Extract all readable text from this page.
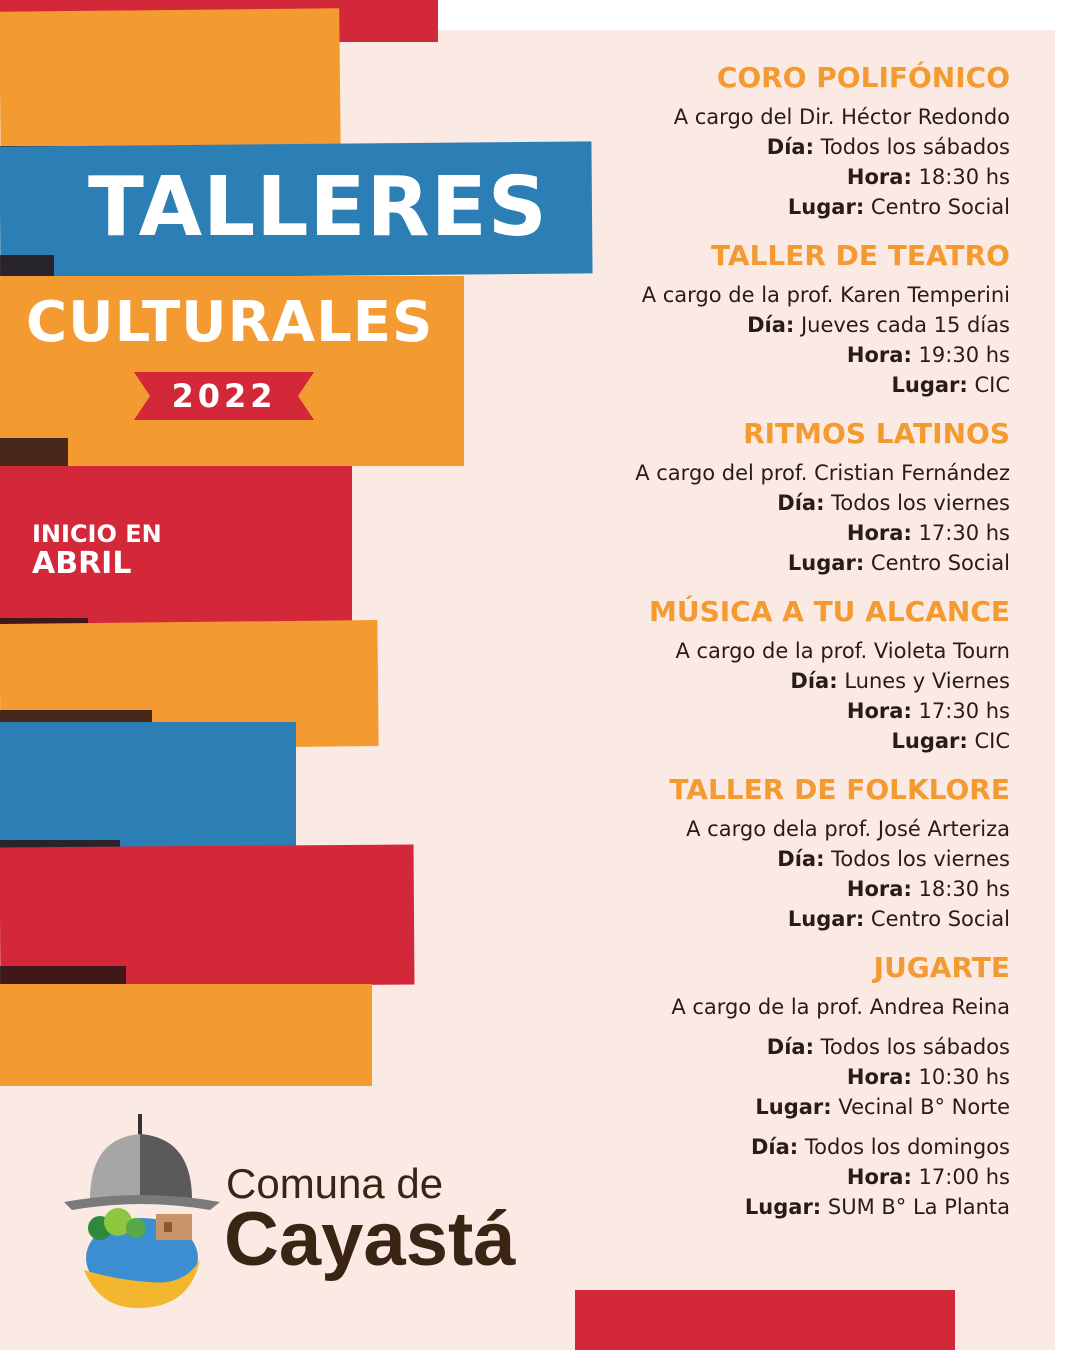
TALLERES
CULTURALES
2022
INICIO EN
ABRIL
CORO POLIFÓNICO
A cargo del Dir. Héctor Redondo
Día: Todos los sábados
Hora: 18:30 hs
Lugar: Centro Social
TALLER DE TEATRO
A cargo de la prof. Karen Temperini
Día: Jueves cada 15 días
Hora: 19:30 hs
Lugar: CIC
RITMOS LATINOS
A cargo del prof. Cristian Fernández
Día: Todos los viernes
Hora: 17:30 hs
Lugar: Centro Social
MÚSICA A TU ALCANCE
A cargo de la prof. Violeta Tourn
Día: Lunes y Viernes
Hora: 17:30 hs
Lugar: CIC
TALLER DE FOLKLORE
A cargo dela prof. José Arteriza
Día: Todos los viernes
Hora: 18:30 hs
Lugar: Centro Social
JUGARTE
A cargo de la prof. Andrea Reina
Día: Todos los sábados
Hora: 10:30 hs
Lugar: Vecinal B° Norte
Día: Todos los domingos
Hora: 17:00 hs
Lugar: SUM B° La Planta
Comuna de
Cayastá
